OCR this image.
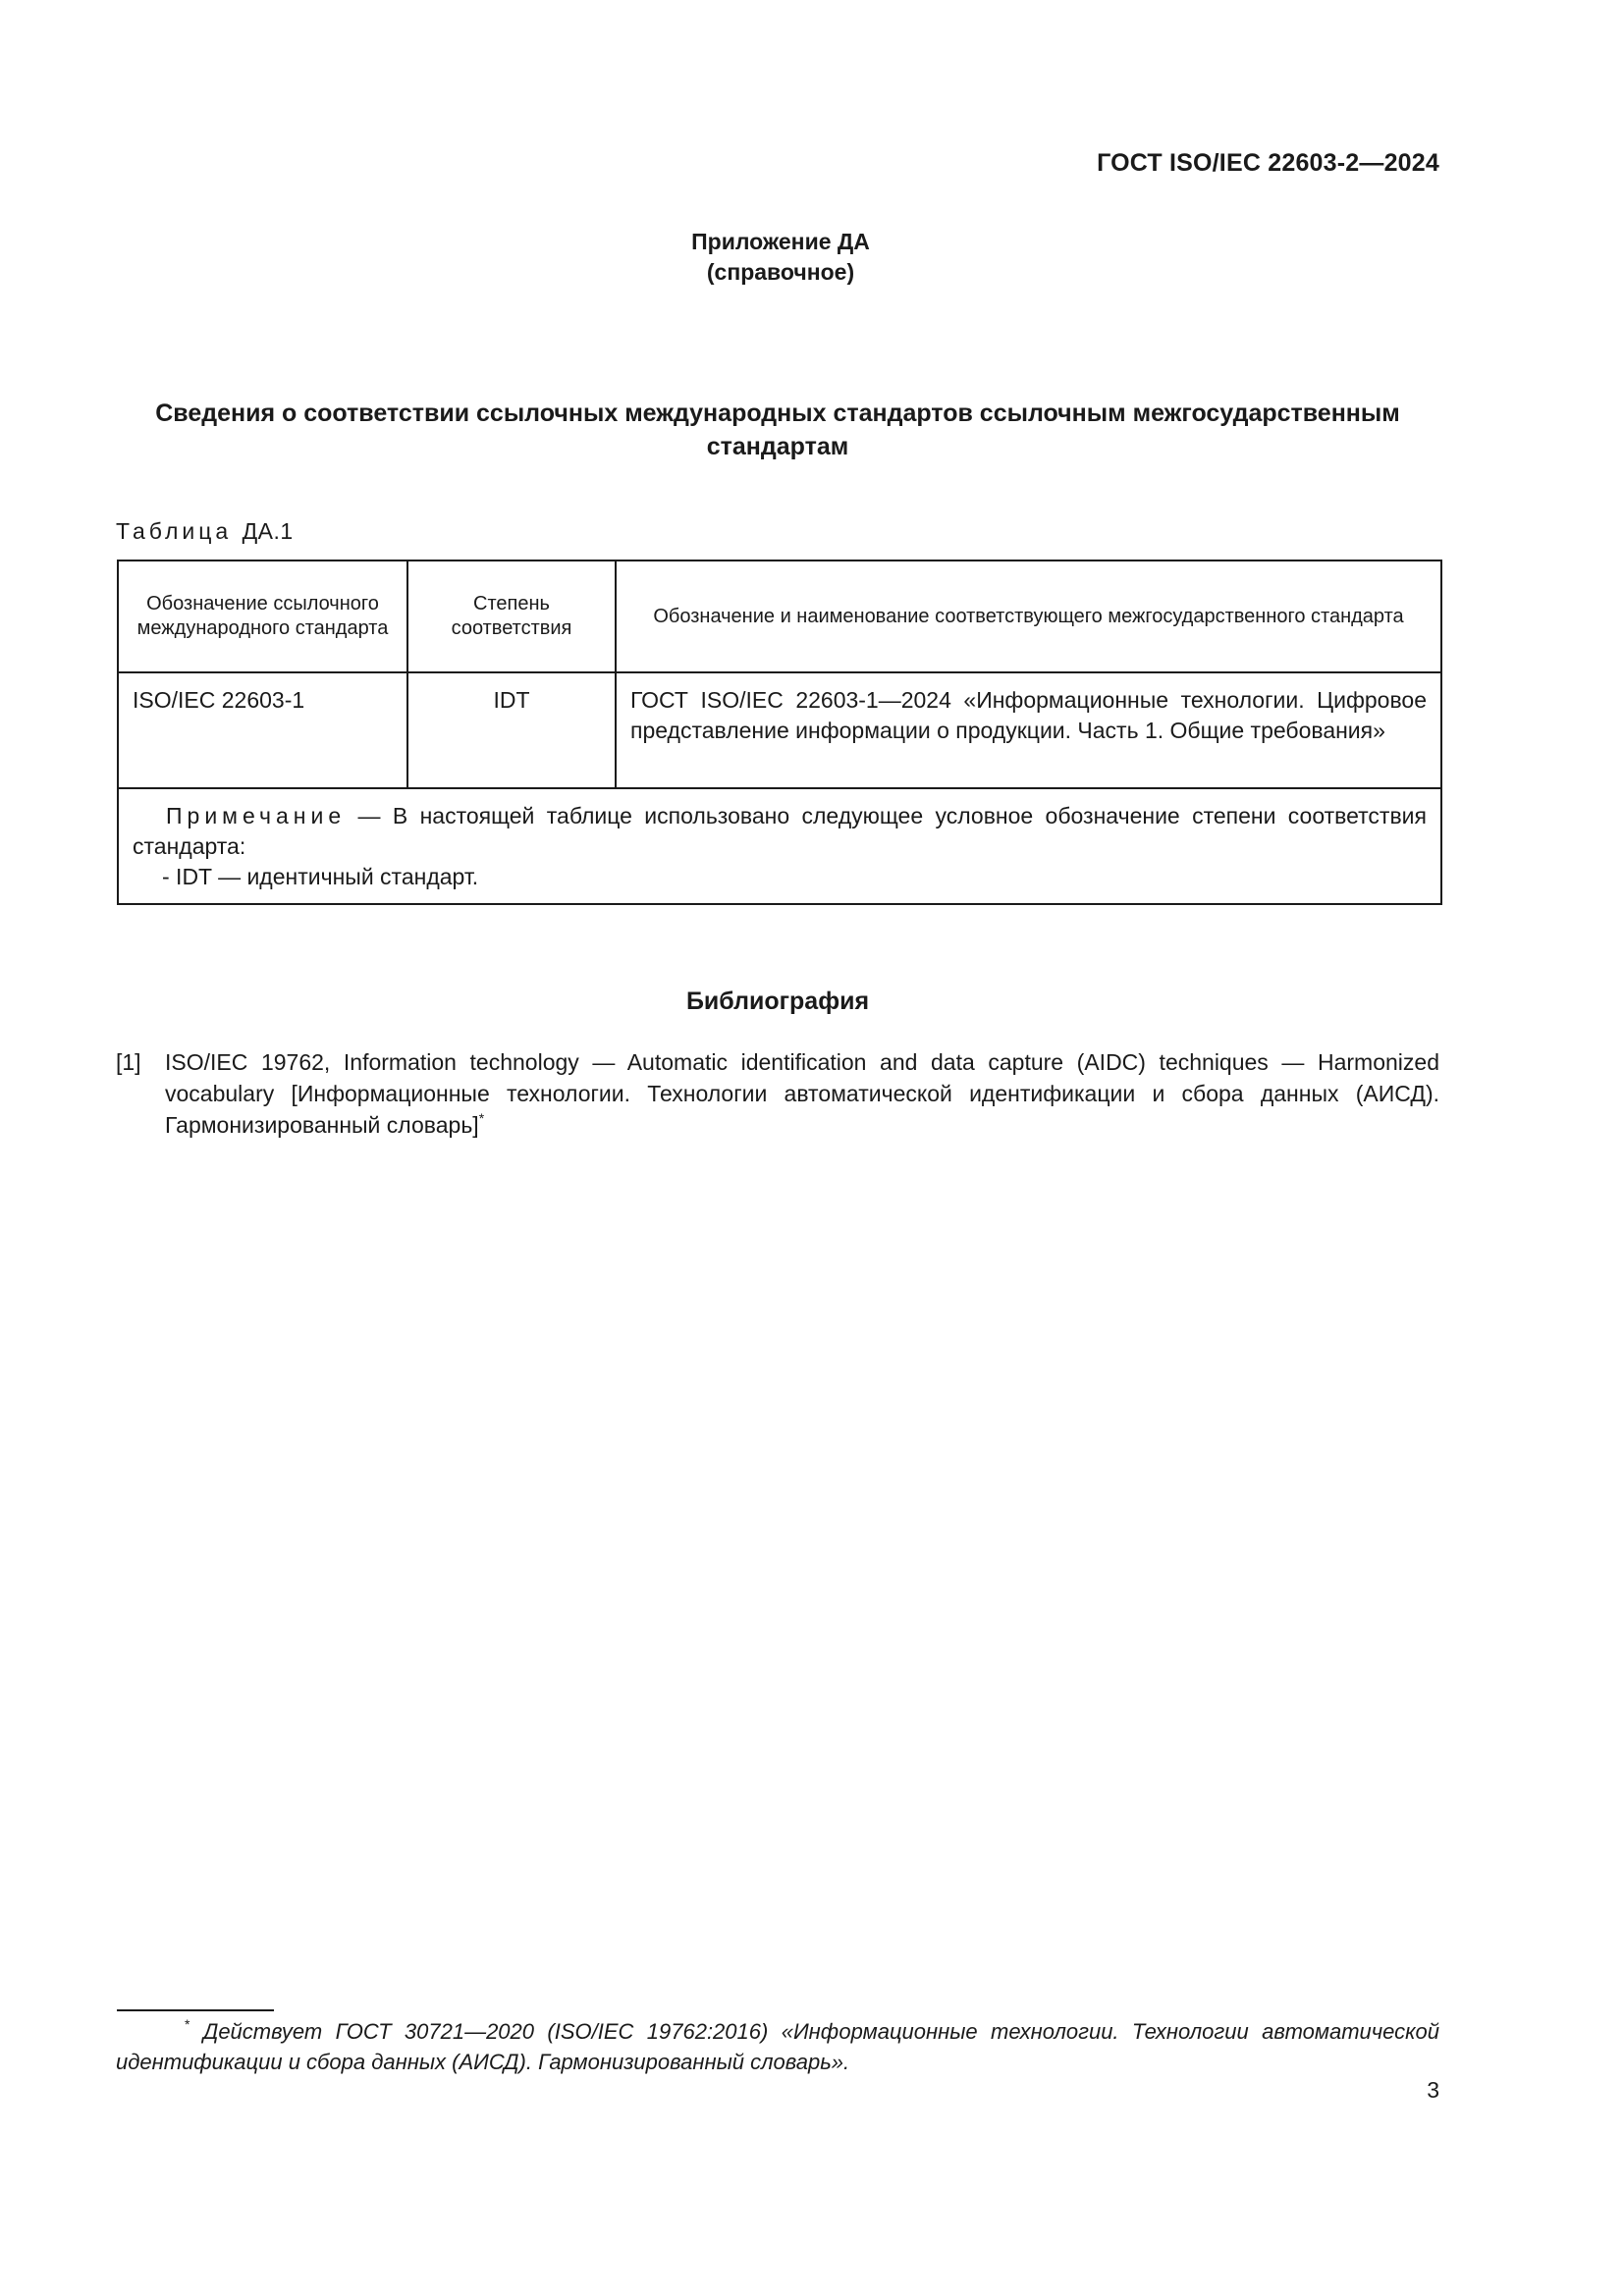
ГОСТ ISO/IEC 22603-2—2024
Приложение ДА
(справочное)
Сведения о соответствии ссылочных международных стандартов ссылочным межгосударственным стандартам
Таблица ДА.1
Обозначение ссылочного международного стандарта	Степень соответствия	Обозначение и наименование соответствующего межгосударственного стандарта
ISO/IEC 22603-1	IDT	ГОСТ ISO/IEC 22603-1—2024 «Информационные технологии. Цифровое представление информации о продукции. Часть 1. Общие требования»

Примечание — В настоящей таблице использовано следующее условное обозначение степени соответствия стандарта:
- IDT — идентичный стандарт.		
Библиография
[1] ISO/IEC 19762, Information technology — Automatic identification and data capture (AIDC) techniques — Harmonized vocabulary [Информационные технологии. Технологии автоматической идентификации и сбора данных (АИСД). Гармонизированный словарь]*
* Действует ГОСТ 30721—2020 (ISO/IEC 19762:2016) «Информационные технологии. Технологии автоматической идентификации и сбора данных (АИСД). Гармонизированный словарь».
3
